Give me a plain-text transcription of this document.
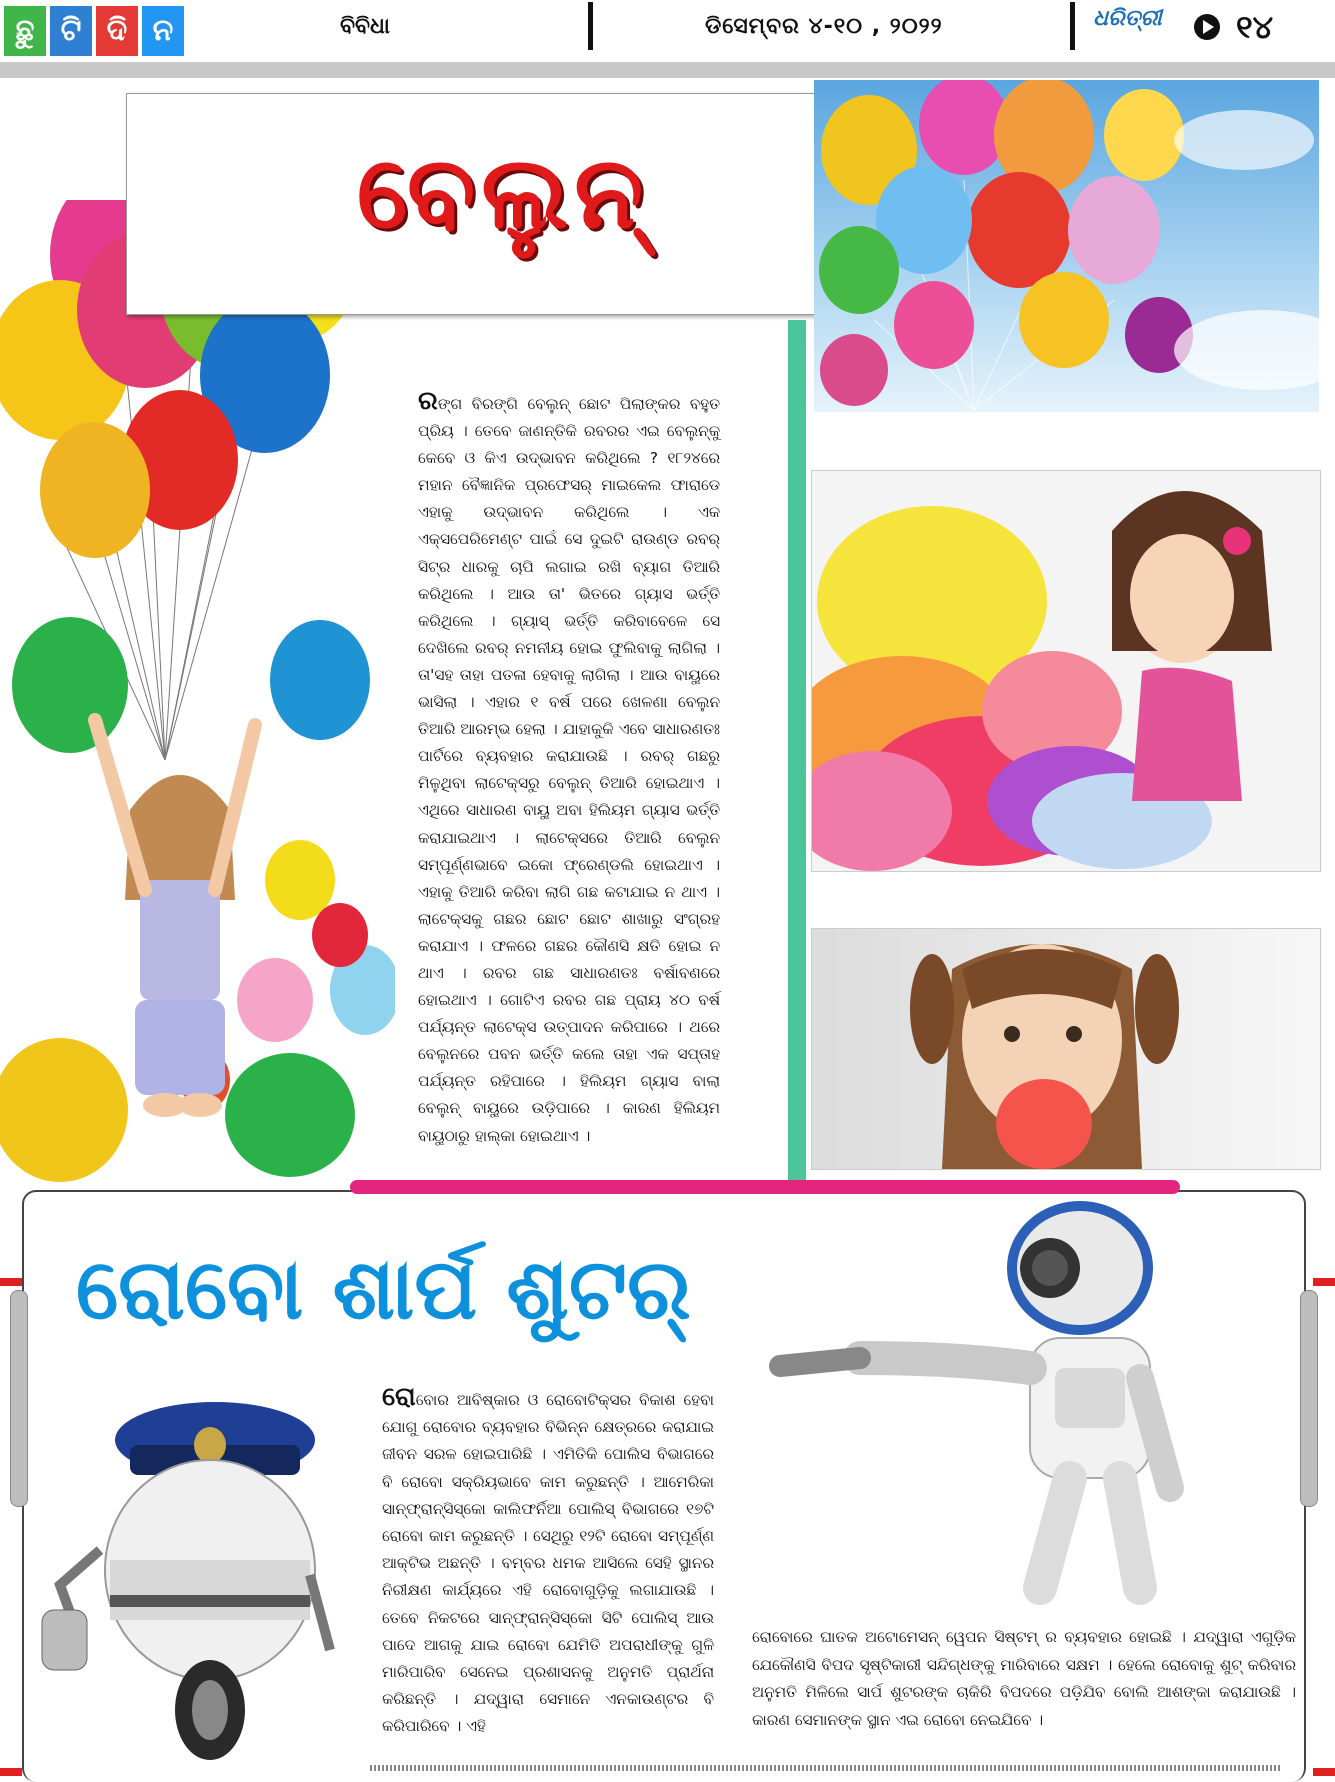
ଛୁ ଟି ଦି ନ	ବିବିଧା	ଡିସେମ୍ବର ୪-୧୦ , ୨୦୨୨	ଧରିତ୍ରୀ ୧୪
ବେଲୁନ୍
ରଙ୍ଗ ବିରଙ୍ଗି ବେଲୁନ୍ ଛୋଟ ପିଲାଙ୍କର ବହୁତ ପ୍ରିୟ । ତେବେ ଜାଣନ୍ତିକି ରବରର ଏଇ ବେଲୁନ୍‌କୁ କେବେ ଓ କିଏ ଉଦ୍ଭାବନ କରିଥିଲେ ? ୧୮୨୪ରେ ମହାନ ବୈଜ୍ଞାନିକ ପ୍ରଫେସର୍ ମାଇକେଲ ଫାରାଡେ ଏହାକୁ ଉଦ୍ଭାବନ କରିଥିଲେ । ଏକ ଏକ୍ସପେରିମେଣ୍ଟ ପାଇଁ ସେ ଦୁଇଟି ରାଉଣ୍ଡ ରବର୍ ସିଟ୍‌ର ଧାରକୁ ଚାପି ଲଗାଇ ରଖି ବ୍ୟାଗ ତିଆରି କରିଥିଲେ । ଆଉ ତା' ଭିତରେ ଗ୍ୟାସ ଭର୍ତ୍ତି କରିଥିଲେ । ଗ୍ୟାସ୍ ଭର୍ତ୍ତି କରିବାବେଳେ ସେ ଦେଖିଲେ ରବର୍ ନମନୀୟ ହୋଇ ଫୁଲିବାକୁ ଲାଗିଲା । ତା'ସହ ତାହା ପତଳା ହେବାକୁ ଲାଗିଲା । ଆଉ ବାୟୁରେ ଭାସିଲା । ଏହାର ୧ ବର୍ଷ ପରେ ଖେଳଣା ବେଲୁନ ତିଆରି ଆରମ୍ଭ ହେଲା । ଯାହାକୁକି ଏବେ ସାଧାରଣତଃ ପାର୍ଟିରେ ବ୍ୟବହାର କରାଯାଉଛି । ରବର୍ ଗଛରୁ ମିଳୁଥିବା ଲାଟେକ୍ସରୁ ବେଲୁନ୍ ତିଆରି ହୋଇଥାଏ । ଏଥିରେ ସାଧାରଣ ବାୟୁ ଅବା ହିଲିୟମ ଗ୍ୟାସ ଭର୍ତ୍ତି କରାଯାଇଥାଏ । ଲାଟେକ୍ସରେ ତିଆରି ବେଲୁନ ସମ୍ପୂର୍ଣ୍ଣଭାବେ ଇକୋ ଫ୍ରେଣ୍ଡଲି ହୋଇଥାଏ । ଏହାକୁ ତିଆରି କରିବା ଲାଗି ଗଛ କଟାଯାଇ ନ ଥାଏ । ଲାଟେକ୍ସକୁ ଗଛର ଛୋଟ ଛୋଟ ଶାଖାରୁ ସଂଗ୍ରହ କରାଯାଏ । ଫଳରେ ଗଛର କୌଣସି କ୍ଷତି ହୋଇ ନ ଥାଏ । ରବର ଗଛ ସାଧାରଣତଃ ବର୍ଷାବଣରେ ହୋଇଥାଏ । ଗୋଟିଏ ରବର ଗଛ ପ୍ରାୟ ୪୦ ବର୍ଷ ପର୍ଯ୍ୟନ୍ତ ଲାଟେକ୍ସ ଉତ୍ପାଦନ କରିପାରେ । ଥରେ ବେଲୁନରେ ପବନ ଭର୍ତ୍ତି କଲେ ତାହା ଏକ ସପ୍ତାହ ପର୍ଯ୍ୟନ୍ତ ରହିପାରେ । ହିଲିୟମ ଗ୍ୟାସ ବାଲା ବେଲୁନ୍ ବାୟୁରେ ଉଡ଼ିପାରେ । କାରଣ ହିଲିୟମ ବାୟୁଠାରୁ ହାଲ୍କା ହୋଇଥାଏ ।
ରୋବୋ ଶାର୍ପ ଶୁଟର୍
ରୋବୋର ଆବିଷ୍କାର ଓ ରୋବୋଟିକ୍ସର ବିକାଶ ହେବା ଯୋଗୁ ରୋବୋର ବ୍ୟବହାର ବିଭିନ୍ନ କ୍ଷେତ୍ରରେ କରାଯାଇ ଜୀବନ ସରଳ ହୋଇପାରିଛି । ଏମିତିକି ପୋଲିସ ବିଭାଗରେ ବି ରୋବୋ ସକ୍ରିୟଭାବେ କାମ କରୁଛନ୍ତି । ଆମେରିକା ସାନ୍‌ଫ୍ରାନ୍‌ସିସ୍କୋ କାଲିଫର୍ନିଆ ପୋଲିସ୍ ବିଭାଗରେ ୧୭ଟି ରୋବୋ କାମ କରୁଛନ୍ତି । ସେଥିରୁ ୧୨ଟି ରୋବୋ ସମ୍ପୂର୍ଣ୍ଣ ଆକ୍ଟିଭ ଅଛନ୍ତି । ବମ୍ବର ଧମକ ଆସିଲେ ସେହି ସ୍ଥାନର ନିରୀକ୍ଷଣ କାର୍ଯ୍ୟରେ ଏହି ରୋବୋଗୁଡ଼ିକୁ ଲଗାଯାଉଛି । ତେବେ ନିକଟରେ ସାନ୍‌ଫ୍ରାନ୍‌ସିସ୍କୋ ସିଟି ପୋଲିସ୍ ଆଉ ପାଦେ ଆଗକୁ ଯାଇ ରୋବୋ ଯେମିତି ଅପରାଧୀଙ୍କୁ ଗୁଳି ମାରିପାରିବ ସେନେଇ ପ୍ରଶାସନକୁ ଅନୁମତି ପ୍ରାର୍ଥନା କରିଛନ୍ତି । ଯଦ୍ୱାରା ସେମାନେ ଏନକାଉଣ୍ଟର ବି କରିପାରିବେ । ଏହି
ରୋବୋରେ ଘାତକ ଅଟୋମେସନ୍ ୱେପନ ସିଷ୍ଟମ୍ ର ବ୍ୟବହାର ହୋଇଛି । ଯଦ୍ୱାରା ଏଗୁଡ଼ିକ ଯେକୌଣସି ବିପଦ ସୃଷ୍ଟିକାରୀ ସନ୍ଦିଗ୍ଧଙ୍କୁ ମାରିବାରେ ସକ୍ଷମ । ହେଲେ ରୋବୋକୁ ଶୁଟ୍ କରିବାର ଅନୁମତି ମିଳିଲେ ସାର୍ପ ଶୁଟରଙ୍କ ଚାକିରି ବିପଦରେ ପଡ଼ିଯିବ ବୋଲି ଆଶଙ୍କା କରାଯାଉଛି । କାରଣ ସେମାନଙ୍କ ସ୍ଥାନ ଏଇ ରୋବୋ ନେଇଯିବେ ।
